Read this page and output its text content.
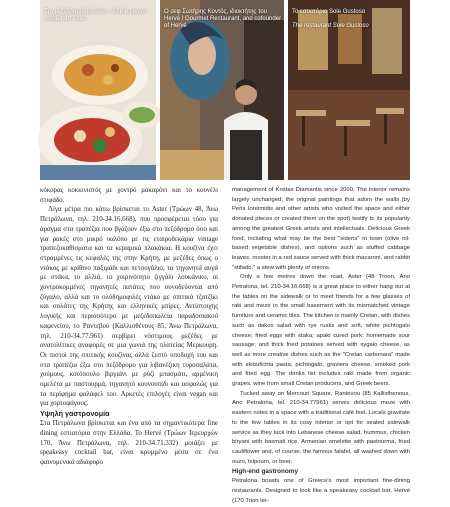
Στο μεζεδοπωλείο Aster / Αt the tavern restaurant Aster

Ο σεφ Σωτήρης Κοντός, ιδιοκτήτης του Hervé / Gourmet Restaurant, and cofounder of Hervé

Το εστιατόριο Sole Gustoso

The restaurant Sole Gustoso

κόκορας κοκκινιστός με χοντρό μακαρόνι και το κουνέλι στιφάδο.

Λίγα μέτρα πιο κάτω βρίσκεται το Aster (Τρώων 48, Άνω Πετράλωνα, τηλ. 210-34.16.668), που προσφέρεται τόσο για άραγμα στα τραπέζια που βγάζουν έξω στο πεζόδρομο όσο και για ρακές στο μικρό υαλόπο με τις εταιροδεκάρια vintage τραπεζοκαθίσματα και τα κεραμικά πλακάκια. Η κουζίνα έχει στραμμένες τις κεφαλές της στην Κρήτη, με μεζέδες όπως ο ντάκος με κρίθινο παξιμάδι και πετσογάλιο, τα τηγανητά αυγά με στάκα, το αλλιά, το χοιρινόπητο ζιγγάλι λουκάνικο, οι χοντροκομμένες τηγανητές πατάτες που συνοδεύονται από ζύγαλο, αλλά και το ολόδημοφιλές ντάκο με σπιτικά τζατζίκι και σαλάτες της Κρήτης και ελληνικές μπίρες. Αντίστοιχης λογικής και περισσότερο με μεζεδοπωλεία παραδοσιακού καφενείου, το Ραντεβού (Καλλισθένους 85, Άνω Πετράλωνα, τηλ. 210-34.77.961) σερβίρει νόστιμους μεζέδες με ανατολίτικες αναφορές σε μια γωνιά της πλατείας Μερκουρη. Οι πιστοί της σπιτικής κουζίνας αλλά ζεστό υποδοχή του και στα τραπέζια έξω στο πεζόδρομο για λιβανέζικη τυροσαλάτα, χούμους, κοτόπουλο βιργιάνι με ρύζι μπασμάτι, αρμένικη ομελέτα με παστουρμά, τηγανητό κουνουπίδι και ασφαλώς για τα περίφημα φαλάφελ του. Αρκετές επιλογές είναι vegan και για χορτοφάγους.

Υψηλή γαστρονομία

Στα Πετράλωνα βρίσκεται και ένα από τα σημαντικότερα fine dining εστιατόρια στην Ελλάδα. Το Hervé (Τρώων Ιερευρχών 170, Άνω Πετράλωνα, τηλ. 210-34.71.332) μοιάζει με speakeasy cocktail bar, είναι κρυμμένο μέσα σε ένα φαινομενικά αδιάφορο

management of Kostas Diamantis since 2000. The interior remains largely unchanged; the original paintings that adorn the walls (by Peris Ioreimidis and other artists who visited the space and either donated pieces or created them on the spot) testify to its popularity among the greatest Greek artists and intellectuals. Delicious Greek food, including what may be the best "sideris" in town (olive oil-based vegetable dishes), and options such as stuffed cabbage leaves, rooster in a red sauce served with thick macaroni, and rabbit "stifado," a stew with plenty of onions.

Only a few metres down the road, Aster (48 Troon, Ano Petralona, tel. 210-34.16.668) is a great place to either hang out at the tables on the sidewalk or to meet friends for a few glasses of raki and meze in the small basement with its mismatched vintage furniture and ceramic tiles. The kitchen is mainly Cretan, with dishes such as dakos salad with rye rusks and soft, white pichtogalo cheese; fried eggs with staka; apaki cured pork; homemade sour sausage; and thick fried potatoes served with xygalo cheese, as well as more creative dishes such as the "Cretan carbonara" made with skioufichta pasta, pichtogalo, graviera cheese, smoked pork and fried egg. The drinks list includes raki made from organic grapes, wine from small Cretan producers, and Greek beers.

Tucked away on Mercouri Square, Rantevou (85 Kallisthenous, Ano Petralona, tel. 210-34.77961) serves delicious meze with eastern notes in a space with a traditional café feel. Locals gravitate to the few tables in its cosy interior or opt for seated sidewalk service as they tuck into Lebanese cheese salad, hummus, chicken biryani with basmati rice, Armenian omelette with pastourma, fried cauliflower and, of course, the famous falafel, all washed down with ouzo, tsipouro, or beer.

High-end gastronomy

Petralona boasts one of Greece's most important fine-dining restaurants. Designed to look like a speakeasy cocktail bar, Hervé (170 Trion Ier-
